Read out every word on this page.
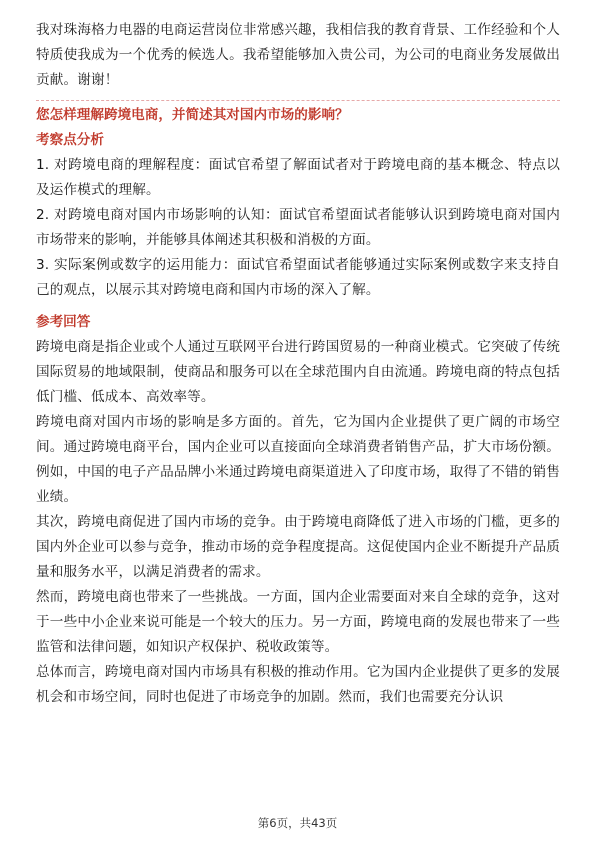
我对珠海格力电器的电商运营岗位非常感兴趣，我相信我的教育背景、工作经验和个人特质使我成为一个优秀的候选人。我希望能够加入贵公司，为公司的电商业务发展做出贡献。谢谢！

您怎样理解跨境电商，并简述其对国内市场的影响？
考察点分析

1. 对跨境电商的理解程度：面试官希望了解面试者对于跨境电商的基本概念、特点以及运作模式的理解。

2. 对跨境电商对国内市场影响的认知：面试官希望面试者能够认识到跨境电商对国内市场带来的影响，并能够具体阐述其积极和消极的方面。

3. 实际案例或数字的运用能力：面试官希望面试者能够通过实际案例或数字来支持自己的观点，以展示其对跨境电商和国内市场的深入了解。

参考回答

跨境电商是指企业或个人通过互联网平台进行跨国贸易的一种商业模式。它突破了传统国际贸易的地域限制，使商品和服务可以在全球范围内自由流通。跨境电商的特点包括低门槛、低成本、高效率等。

跨境电商对国内市场的影响是多方面的。首先，它为国内企业提供了更广阔的市场空间。通过跨境电商平台，国内企业可以直接面向全球消费者销售产品，扩大市场份额。例如，中国的电子产品品牌小米通过跨境电商渠道进入了印度市场，取得了不错的销售业绩。

其次，跨境电商促进了国内市场的竞争。由于跨境电商降低了进入市场的门槛，更多的国内外企业可以参与竞争，推动市场的竞争程度提高。这促使国内企业不断提升产品质量和服务水平，以满足消费者的需求。

然而，跨境电商也带来了一些挑战。一方面，国内企业需要面对来自全球的竞争，这对于一些中小企业来说可能是一个较大的压力。另一方面，跨境电商的发展也带来了一些监管和法律问题，如知识产权保护、税收政策等。

总体而言，跨境电商对国内市场具有积极的推动作用。它为国内企业提供了更多的发展机会和市场空间，同时也促进了市场竞争的加剧。然而，我们也需要充分认识

第6页，共43页
